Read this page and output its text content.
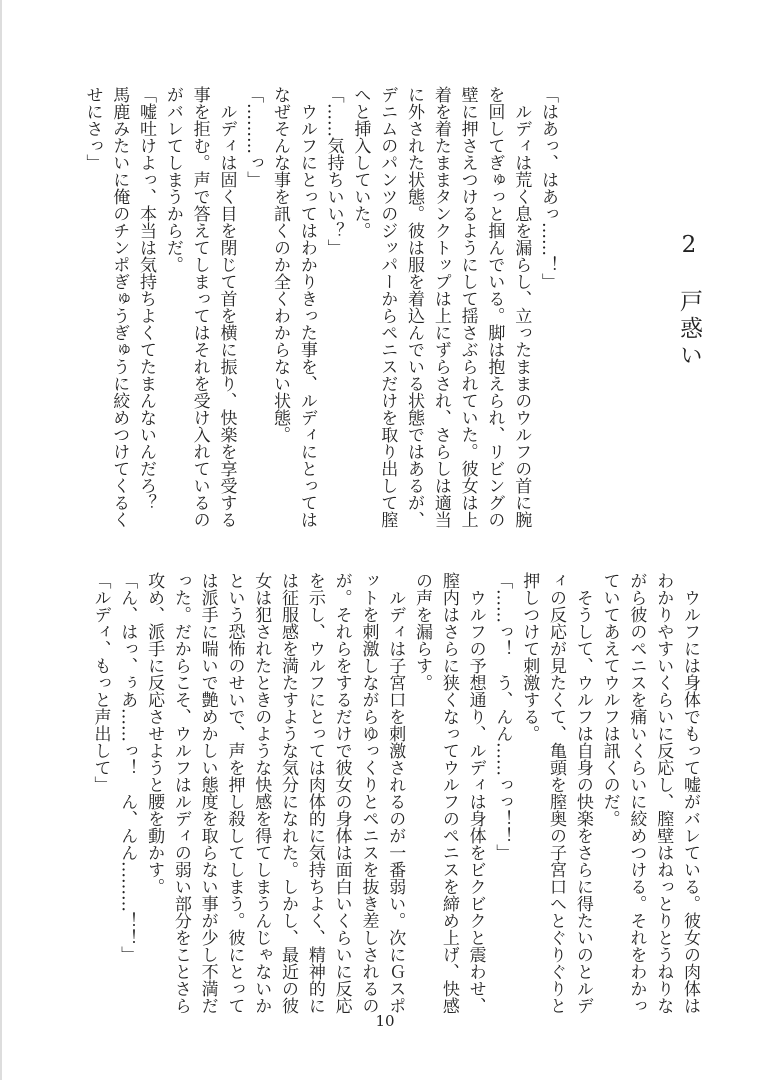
2　戸惑い
「はあっ、はあっ……！」
　ルディは荒く息を漏らし、立ったままのウルフの首に腕
を回してぎゅっと掴んでいる。脚は抱えられ、リビングの
壁に押さえつけるようにして揺さぶられていた。彼女は上
着を着たままタンクトップは上にずらされ、さらしは適当
に外された状態。彼は服を着込んでいる状態ではあるが、
デニムのパンツのジッパーからペニスだけを取り出して膣
へと挿入していた。
「……気持ちいい？」
　ウルフにとってはわかりきった事を、ルディにとっては
なぜそんな事を訊くのか全くわからない状態。
「………っ」
　ルディは固く目を閉じて首を横に振り、快楽を享受する
事を拒む。声で答えてしまってはそれを受け入れているの
がバレてしまうからだ。
「嘘吐けよっ、本当は気持ちよくてたまんないんだろ？
馬鹿みたいに俺のチンポぎゅうぎゅうに絞めつけてくるく
せにさっ」
　ウルフには身体でもって嘘がバレている。彼女の肉体は
わかりやすいくらいに反応し、膣壁はねっとりとうねりな
がら彼のペニスを痛いくらいに絞めつける。それをわかっ
ていてあえてウルフは訊くのだ。
　そうして、ウルフは自身の快楽をさらに得たいのとルデ
ィの反応が見たくて、亀頭を膣奥の子宮口へとぐりぐりと
押しつけて刺激する。
「……っ！　う、んん……っっ！！」
　ウルフの予想通り、ルディは身体をビクビクと震わせ、
膣内はさらに狭くなってウルフのペニスを締め上げ、快感
の声を漏らす。
　ルディは子宮口を刺激されるのが一番弱い。次にＧスポ
ットを刺激しながらゆっくりとペニスを抜き差しされるの
が。それらをするだけで彼女の身体は面白いくらいに反応
を示し、ウルフにとっては肉体的に気持ちよく、精神的に
は征服感を満たすような気分になれた。しかし、最近の彼
女は犯されたときのような快感を得てしまうんじゃないか
という恐怖のせいで、声を押し殺してしまう。彼にとって
は派手に喘いで艶めかしい態度を取らない事が少し不満だ
った。だからこそ、ウルフはルディの弱い部分をことさら
攻め、派手に反応させようと腰を動かす。
「ん、はっ、ぅあ……っ！　ん、んん………！！」
「ルディ、もっと声出して」
10
